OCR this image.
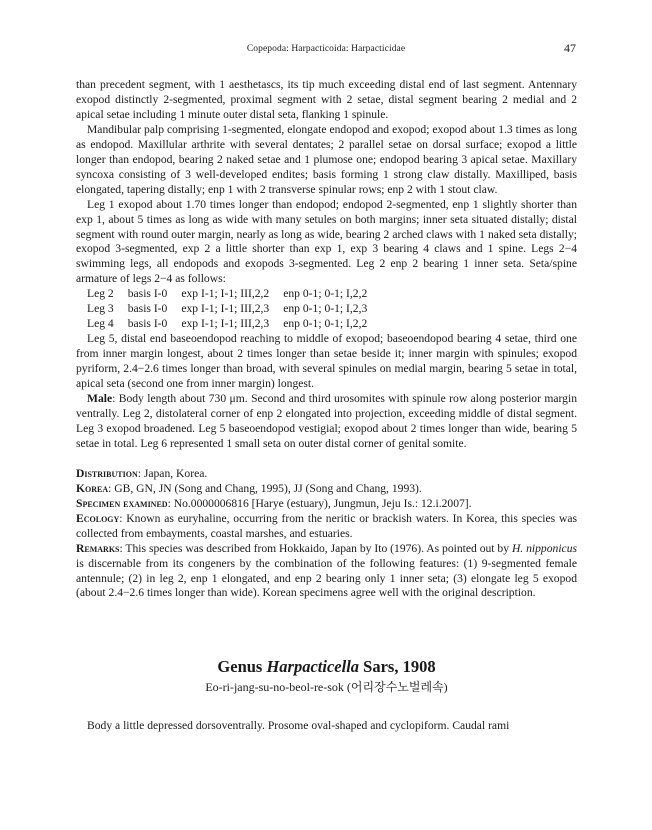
Copepoda: Harpacticoida: Harpacticidae	47

than precedent segment, with 1 aesthetascs, its tip much exceeding distal end of last segment. Antennary exopod distinctly 2-segmented, proximal segment with 2 setae, distal segment bearing 2 medial and 2 apical setae including 1 minute outer distal seta, flanking 1 spinule.

Mandibular palp comprising 1-segmented, elongate endopod and exopod; exopod about 1.3 times as long as endopod. Maxillular arthrite with several dentates; 2 parallel setae on dorsal surface; exopod a little longer than endopod, bearing 2 naked setae and 1 plumose one; endopod bearing 3 apical setae. Maxillary syncoxa consisting of 3 well-developed endites; basis forming 1 strong claw distally. Maxilliped, basis elongated, tapering distally; enp 1 with 2 transverse spinular rows; enp 2 with 1 stout claw.

Leg 1 exopod about 1.70 times longer than endopod; endopod 2-segmented, enp 1 slightly shorter than exp 1, about 5 times as long as wide with many setules on both margins; inner seta situated distally; distal segment with round outer margin, nearly as long as wide, bearing 2 arched claws with 1 naked seta distally; exopod 3-segmented, exp 2 a little shorter than exp 1, exp 3 bearing 4 claws and 1 spine. Legs 2−4 swimming legs, all endopods and exopods 3-segmented. Leg 2 enp 2 bearing 1 inner seta. Seta/spine armature of legs 2−4 as follows:

Leg 2	basis I-0	exp I-1; I-1; III,2,2	enp 0-1; 0-1; I,2,2
Leg 3	basis I-0	exp I-1; I-1; III,2,3	enp 0-1; 0-1; I,2,3
Leg 4	basis I-0	exp I-1; I-1; III,2,3	enp 0-1; 0-1; I,2,2

Leg 5, distal end baseoendopod reaching to middle of exopod; baseoendopod bearing 4 setae, third one from inner margin longest, about 2 times longer than setae beside it; inner margin with spinules; exopod pyriform, 2.4−2.6 times longer than broad, with several spinules on medial margin, bearing 5 setae in total, apical seta (second one from inner margin) longest.

Male: Body length about 730 μm. Second and third urosomites with spinule row along posterior margin ventrally. Leg 2, distolateral corner of enp 2 elongated into projection, exceeding middle of distal segment. Leg 3 exopod broadened. Leg 5 baseoendopod vestigial; exopod about 2 times longer than wide, bearing 5 setae in total. Leg 6 represented 1 small seta on outer distal corner of genital somite.

Distribution: Japan, Korea.

Korea: GB, GN, JN (Song and Chang, 1995), JJ (Song and Chang, 1993).

Specimen examined: No.0000006816 [Harye (estuary), Jungmun, Jeju Is.: 12.i.2007].

Ecology: Known as euryhaline, occurring from the neritic or brackish waters. In Korea, this species was collected from embayments, coastal marshes, and estuaries.

Remarks: This species was described from Hokkaido, Japan by Ito (1976). As pointed out by H. nipponicus is discernable from its congeners by the combination of the following features: (1) 9-segmented female antennule; (2) in leg 2, enp 1 elongated, and enp 2 bearing only 1 inner seta; (3) elongate leg 5 exopod (about 2.4−2.6 times longer than wide). Korean specimens agree well with the original description.

Genus Harpacticella Sars, 1908
Eo-ri-jang-su-no-beol-re-sok (어리장수노벌레속)

Body a little depressed dorsoventrally. Prosome oval-shaped and cyclopiform. Caudal rami
